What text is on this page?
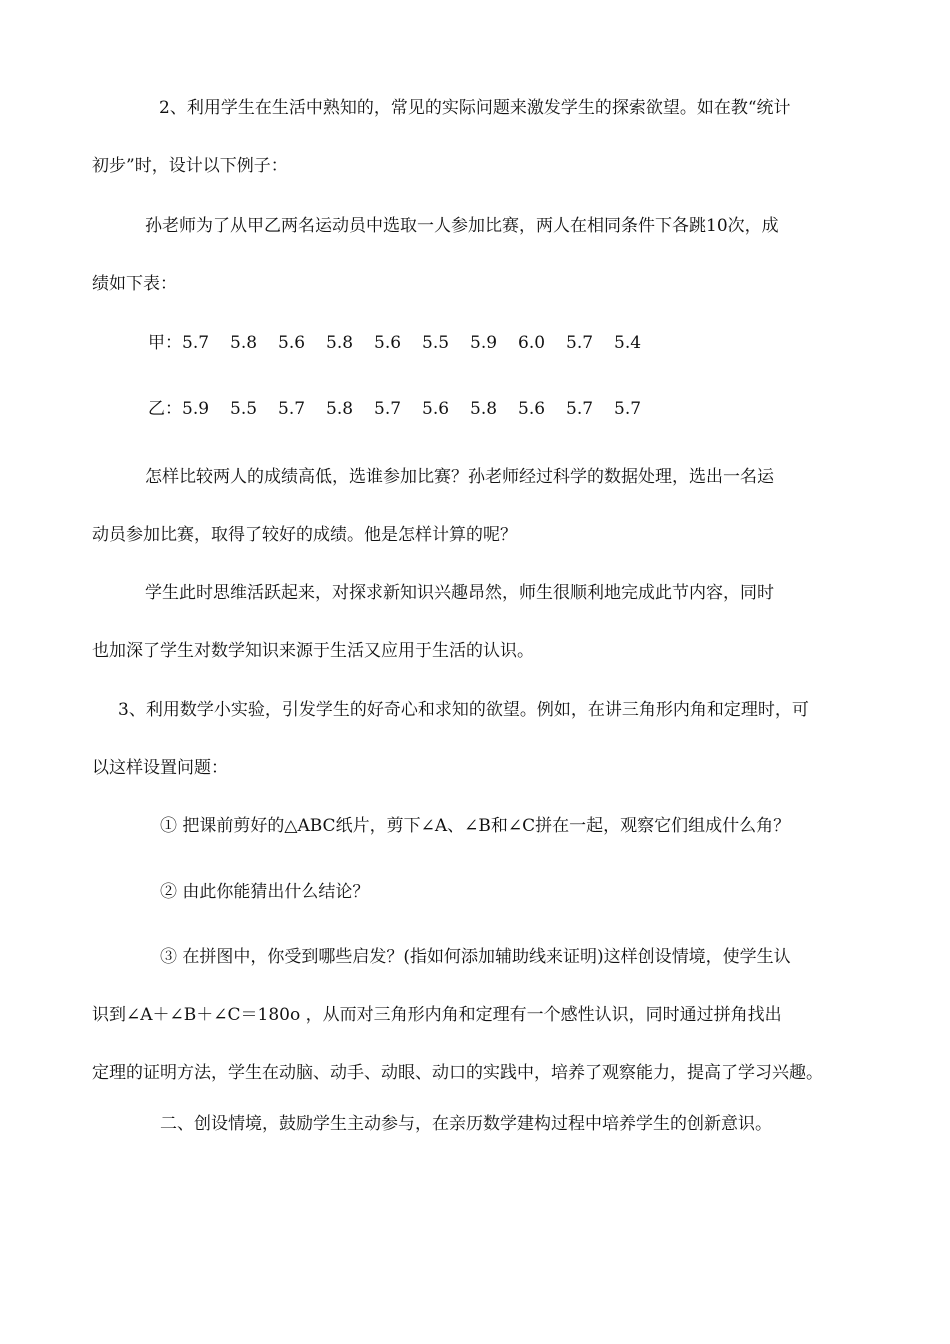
2、利用学生在生活中熟知的，常见的实际问题来激发学生的探索欲望。如在教“统计
初步”时，设计以下例子：
孙老师为了从甲乙两名运动员中选取一人参加比赛，两人在相同条件下各跳10次，成
绩如下表：
甲：5.7 5.8 5.6 5.8 5.6 5.5 5.9 6.0 5.7 5.4
乙：5.9 5.5 5.7 5.8 5.7 5.6 5.8 5.6 5.7 5.7
怎样比较两人的成绩高低，选谁参加比赛？孙老师经过科学的数据处理，选出一名运
动员参加比赛，取得了较好的成绩。他是怎样计算的呢？
学生此时思维活跃起来，对探求新知识兴趣昂然，师生很顺利地完成此节内容，同时
也加深了学生对数学知识来源于生活又应用于生活的认识。
3、利用数学小实验，引发学生的好奇心和求知的欲望。例如，在讲三角形内角和定理时，可
以这样设置问题：
① 把课前剪好的△ABC纸片，剪下∠A、∠B和∠C拼在一起，观察它们组成什么角？
② 由此你能猜出什么结论？
③ 在拼图中，你受到哪些启发？(指如何添加辅助线来证明)这样创设情境，使学生认
识到∠A＋∠B＋∠C＝180o ，从而对三角形内角和定理有一个感性认识，同时通过拼角找出
定理的证明方法，学生在动脑、动手、动眼、动口的实践中，培养了观察能力，提高了学习兴趣。
二、创设情境，鼓励学生主动参与，在亲历数学建构过程中培养学生的创新意识。
